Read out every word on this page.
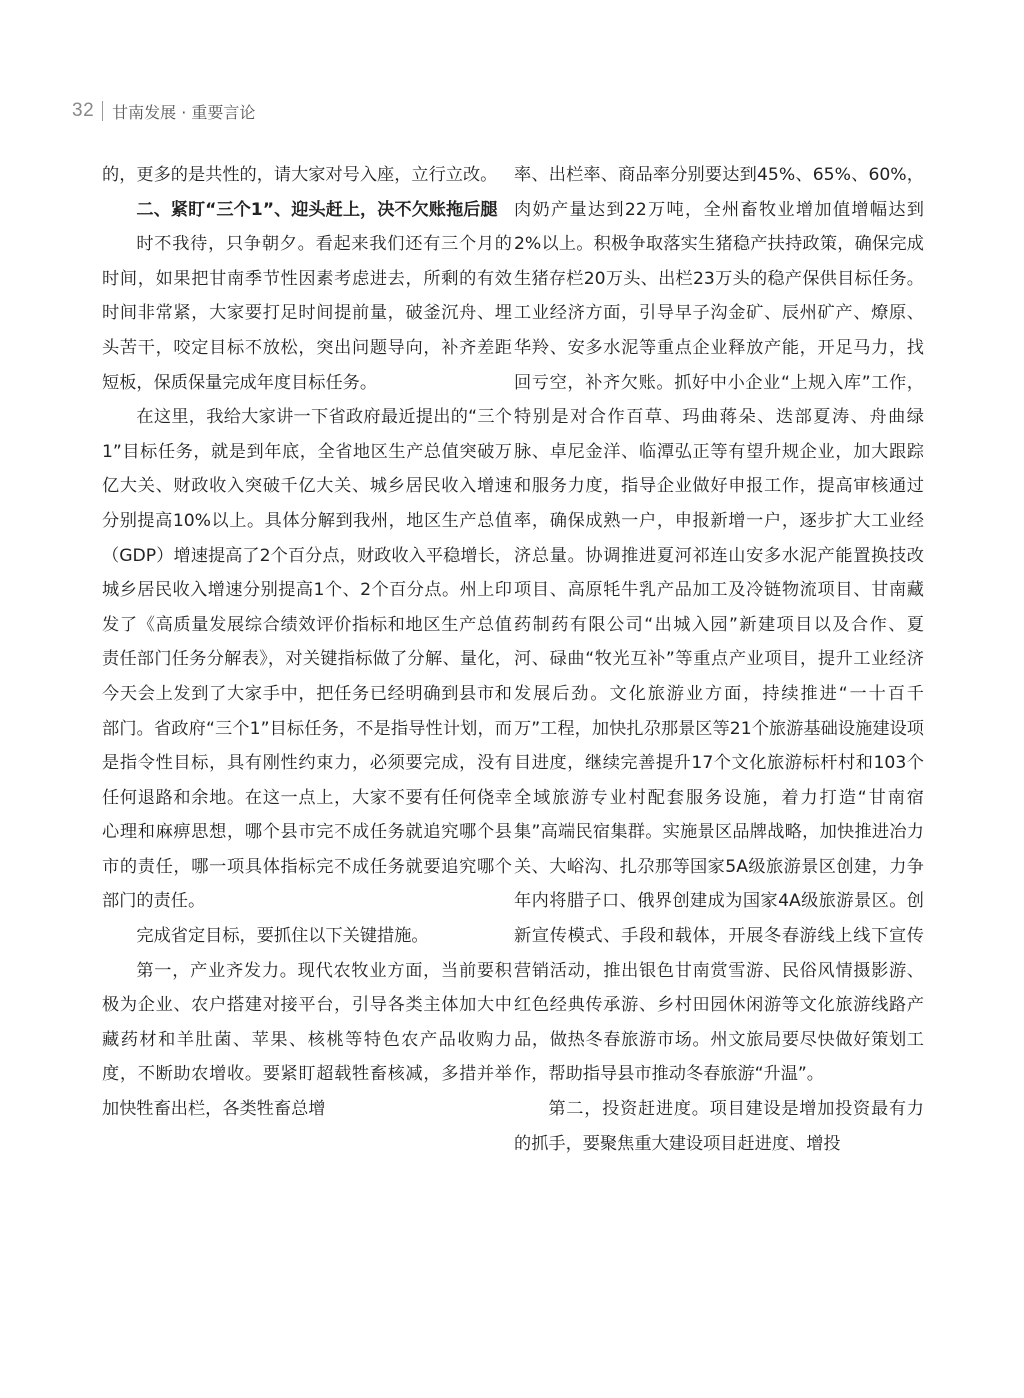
32 甘南发展 · 重要言论

的，更多的是共性的，请大家对号入座，立行立改。

二、紧盯“三个1”、迎头赶上，决不欠账拖后腿

时不我待，只争朝夕。看起来我们还有三个月的时间，如果把甘南季节性因素考虑进去，所剩的有效时间非常紧，大家要打足时间提前量，破釜沉舟、埋头苦干，咬定目标不放松，突出问题导向，补齐差距短板，保质保量完成年度目标任务。

在这里，我给大家讲一下省政府最近提出的“三个1”目标任务，就是到年底，全省地区生产总值突破万亿大关、财政收入突破千亿大关、城乡居民收入增速分别提高10%以上。具体分解到我州，地区生产总值（GDP）增速提高了2个百分点，财政收入平稳增长，城乡居民收入增速分别提高1个、2个百分点。州上印发了《高质量发展综合绩效评价指标和地区生产总值责任部门任务分解表》，对关键指标做了分解、量化，今天会上发到了大家手中，把任务已经明确到县市和部门。省政府“三个1”目标任务，不是指导性计划，而是指令性目标，具有刚性约束力，必须要完成，没有任何退路和余地。在这一点上，大家不要有任何侥幸心理和麻痹思想，哪个县市完不成任务就追究哪个县市的责任，哪一项具体指标完不成任务就要追究哪个部门的责任。

完成省定目标，要抓住以下关键措施。

第一，产业齐发力。现代农牧业方面，当前要积极为企业、农户搭建对接平台，引导各类主体加大中藏药材和羊肚菌、苹果、核桃等特色农产品收购力度，不断助农增收。要紧盯超载牲畜核减，多措并举加快牲畜出栏，各类牲畜总增

率、出栏率、商品率分别要达到45%、65%、60%，肉奶产量达到22万吨，全州畜牧业增加值增幅达到2%以上。积极争取落实生猪稳产扶持政策，确保完成生猪存栏20万头、出栏23万头的稳产保供目标任务。工业经济方面，引导早子沟金矿、辰州矿产、燎原、华羚、安多水泥等重点企业释放产能，开足马力，找回亏空，补齐欠账。抓好中小企业“上规入库”工作，特别是对合作百草、玛曲蒋朵、迭部夏涛、舟曲绿脉、卓尼金洋、临潭弘正等有望升规企业，加大跟踪和服务力度，指导企业做好申报工作，提高审核通过率，确保成熟一户，申报新增一户，逐步扩大工业经济总量。协调推进夏河祁连山安多水泥产能置换技改项目、高原牦牛乳产品加工及冷链物流项目、甘南藏药制药有限公司“出城入园”新建项目以及合作、夏河、碌曲“牧光互补”等重点产业项目，提升工业经济发展后劲。文化旅游业方面，持续推进“一十百千万”工程，加快扎尕那景区等21个旅游基础设施建设项目进度，继续完善提升17个文化旅游标杆村和103个全域旅游专业村配套服务设施，着力打造“甘南宿集”高端民宿集群。实施景区品牌战略，加快推进冶力关、大峪沟、扎尕那等国家5A级旅游景区创建，力争年内将腊子口、俄界创建成为国家4A级旅游景区。创新宣传模式、手段和载体，开展冬春游线上线下宣传营销活动，推出银色甘南赏雪游、民俗风情摄影游、红色经典传承游、乡村田园休闲游等文化旅游线路产品，做热冬春旅游市场。州文旅局要尽快做好策划工作，帮助指导县市推动冬春旅游“升温”。

第二，投资赶进度。项目建设是增加投资最有力的抓手，要聚焦重大建设项目赶进度、增投
